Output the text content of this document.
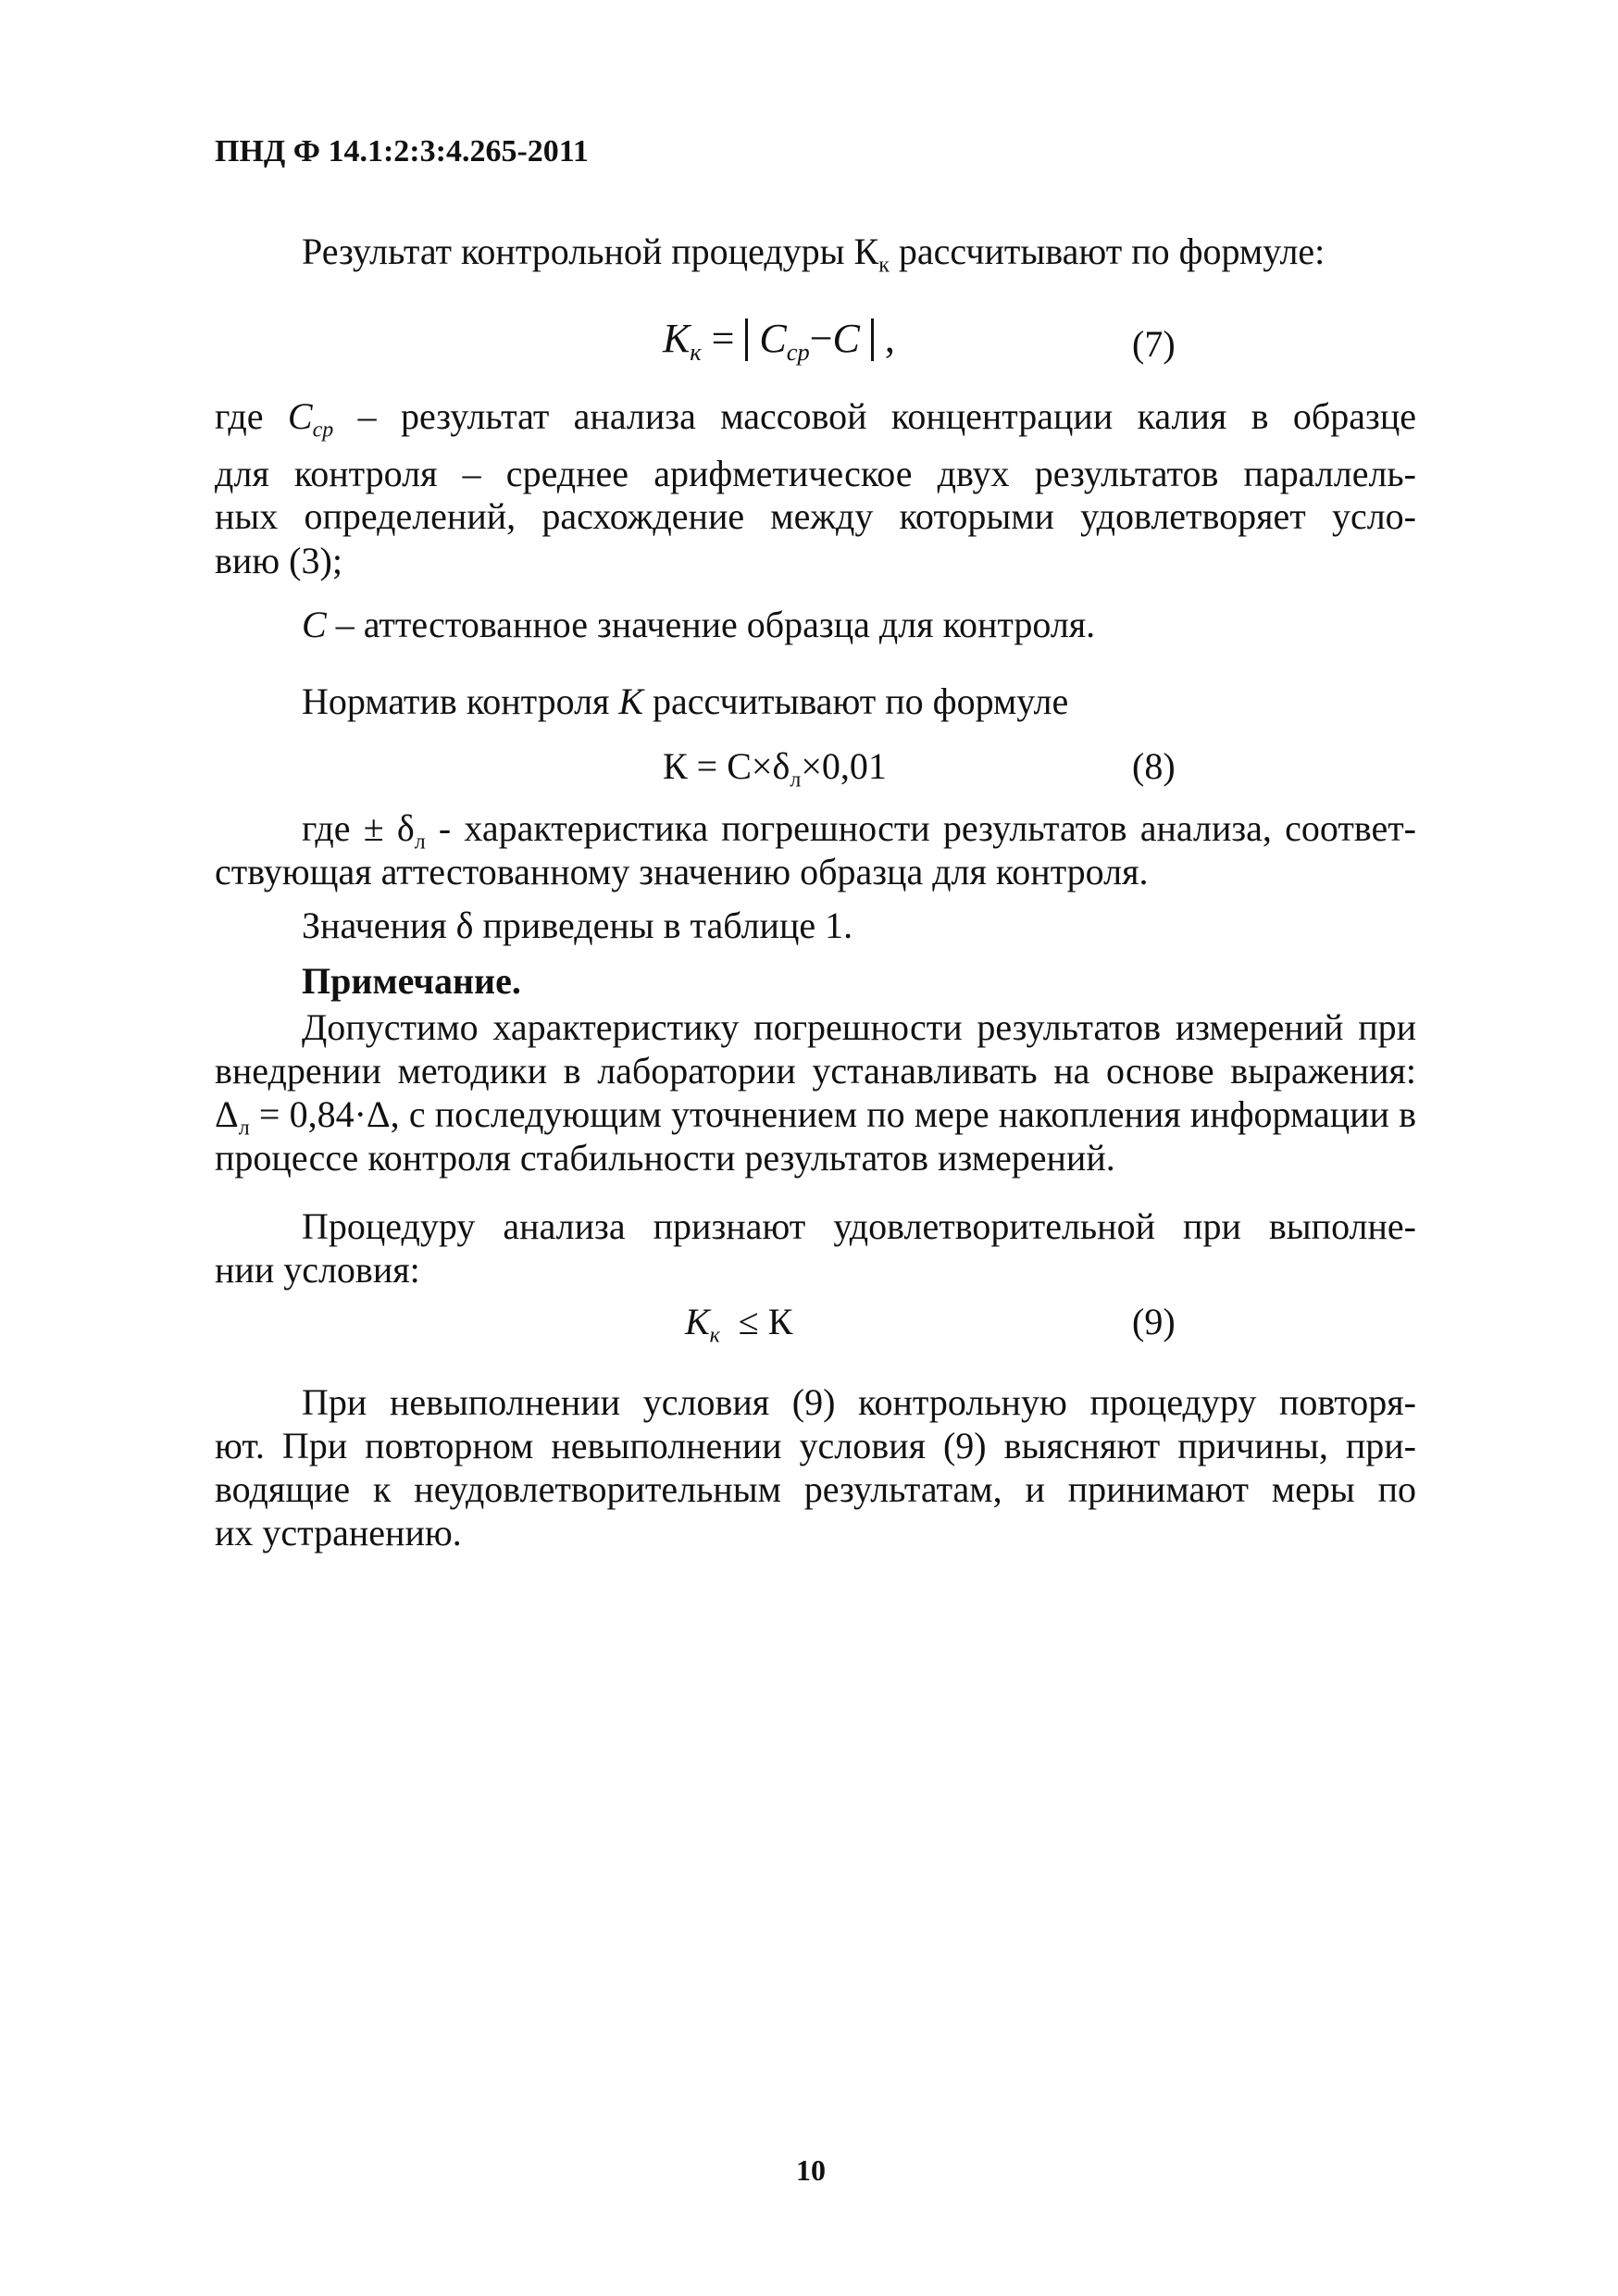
ПНД Ф 14.1:2:3:4.265-2011
Результат контрольной процедуры $К_к$ рассчитывают по формуле:
$К_к = С_{ср}-С$ ,	(7)
где $С_{ср}$ – результат анализа массовой концентрации калия в образце
для контроля – среднее арифметическое двух результатов параллель-
ных определений, расхождение между которыми удовлетворяет усло-
вию (3);
С – аттестованное значение образца для контроля.
Норматив контроля К рассчитывают по формуле
$К = С\times\delta_л\times 0,01$	(8)
где ± $\delta_л$ - характеристика погрешности результатов анализа, соответ-
ствующая аттестованному значению образца для контроля.
Значения δ приведены в таблице 1.
Примечание.
Допустимо характеристику погрешности результатов измерений при
внедрении методики в лаборатории устанавливать на основе выражения:
$\Delta_л = 0,84\cdot\Delta$, с последующим уточнением по мере накопления информации в
процессе контроля стабильности результатов измерений.
Процедуру анализа признают удовлетворительной при выполне-
нии условия:
$К_к \le К$	(9)
При невыполнении условия (9) контрольную процедуру повторя-
ют. При повторном невыполнении условия (9) выясняют причины, при-
водящие к неудовлетворительным результатам, и принимают меры по
их устранению.
10
